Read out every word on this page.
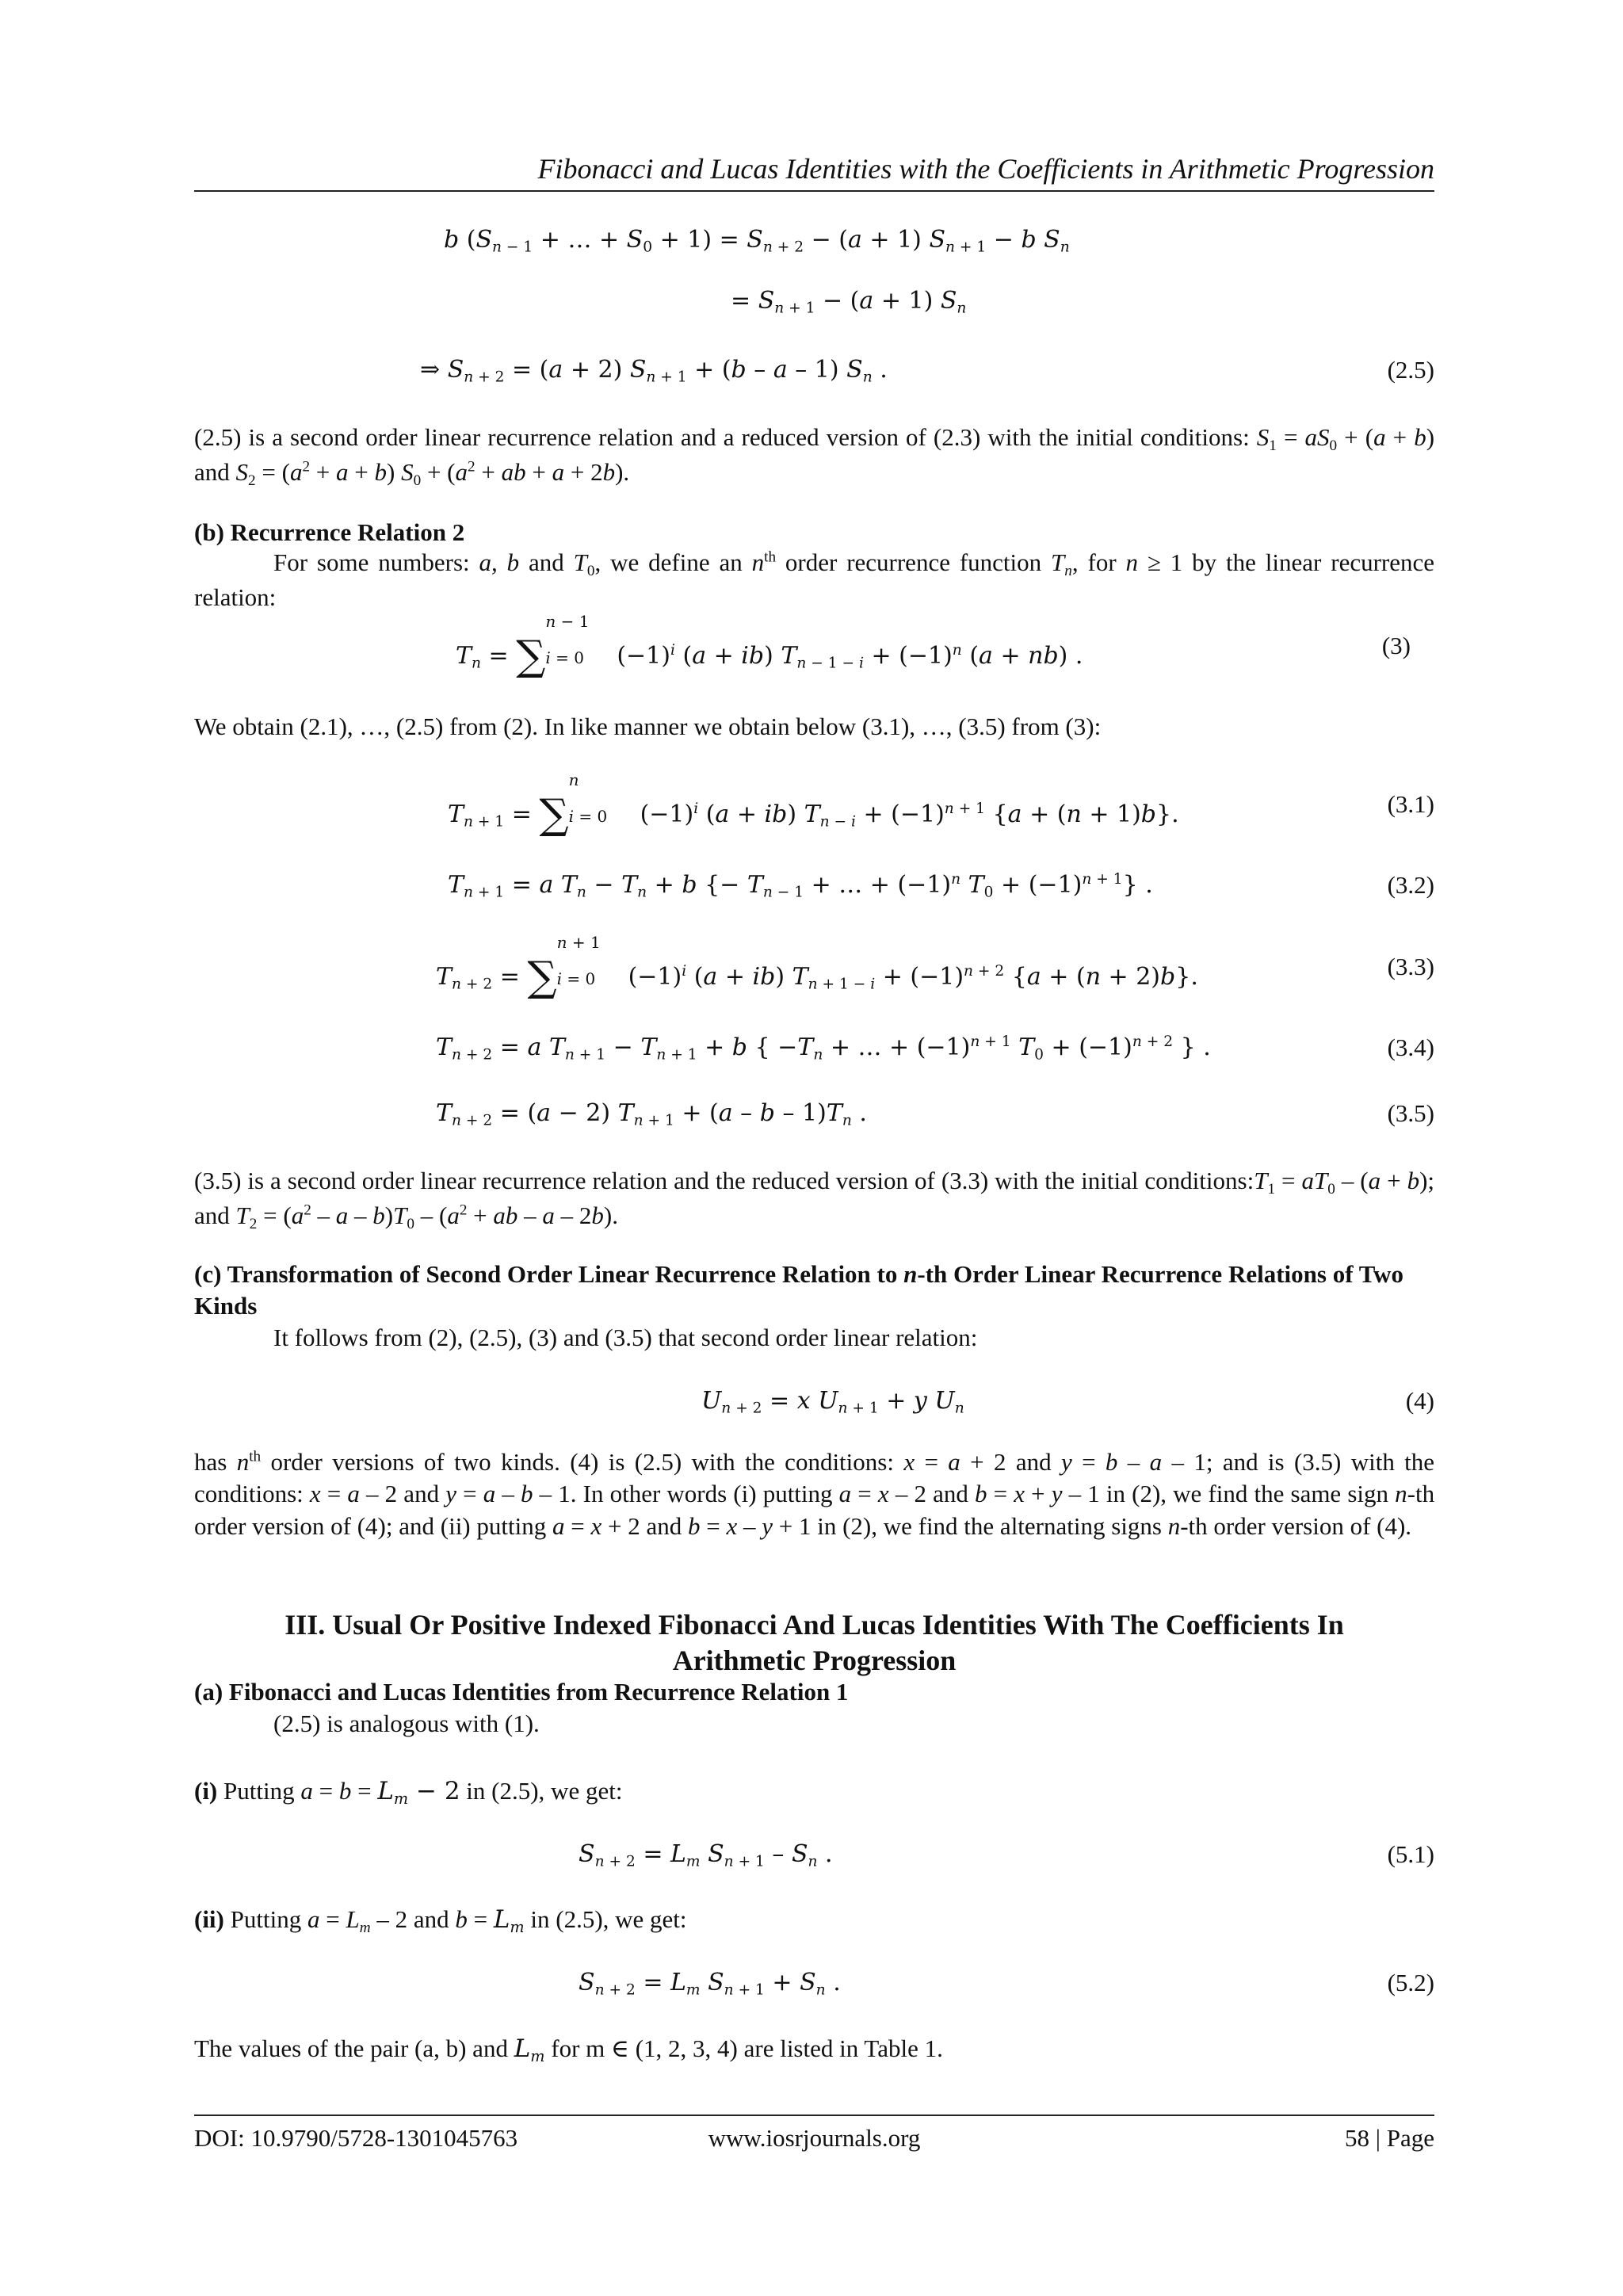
Fibonacci and Lucas Identities with the Coefficients in Arithmetic Progression
b ($S_{n - 1}$ + … + $S_0 + 1) = S_{n + 2} - (a + 1)$ $S_{n + 1} - b$ $S_n$
= $S_{n + 1} - (a + 1)$ $S_n$
⇒ $S_{n + 2} = (a + 2) S_{n + 1} + (b - a - 1)$ $S_n$ .	(2.5)
(2.5) is a second order linear recurrence relation and a reduced version of (2.3) with the initial conditions: $S_1 = aS_0 + (a + b)$ and $S_2 = (a^2 + a + b) S_0 + (a^2$ + ab + a + 2b).
(b) Recurrence Relation 2
For some numbers: a, b and $T_0$, we define an $n^{th}$ order recurrence function $T_n$, for n ≥ 1 by the linear recurrence relation:
$T_n$ = ∑
n − 1
i = 0 $(-1)^i$ (a + ib) $T_{n - 1 - i} + (-1)^n$ (a + nb) .	(3)
We obtain (2.1), …, (2.5) from (2). In like manner we obtain below (3.1), …, (3.5) from (3):
$T_{n + 1}$ = ∑
n
i = 0 $(-1)^i$ (a + ib) $T_{n - i} + (-1)^{n + 1}$ {a + (n + 1)b}.	(3.1)
$T_{n + 1} = a$ $T_n - T_n + b$ {− $T_{n - 1}$ + … + $(-1)^n$ $T_0 + (-1)^{n + 1}$} .	(3.2)
$T_{n + 2}$ = ∑
n + 1
i = 0 $(-1)^i$ (a + ib) $T_{n + 1 - i} + (-1)^{n + 2}$ {a + (n + 2)b}.	(3.3)
$T_{n + 2} = a$ $T_{n + 1} - T_{n + 1} + b$ { $-T_n$ + … + $(-1)^{n + 1}$ $T_0 + (-1)^{n + 2}$ } .	(3.4)
$T_{n + 2} = (a - 2) T_{n + 1} + (a - b - 1)T_n$ .	(3.5)
(3.5) is a second order linear recurrence relation and the reduced version of (3.3) with the initial $conditions:T_1 = aT_0 - (a + b)$; and $T_2 = (a^2 - a - b)T_0 - (a^2$ + ab – a – 2b).
(c) Transformation of Second Order Linear Recurrence Relation to n-th Order Linear Recurrence Relations of Two Kinds
It follows from (2), (2.5), (3) and (3.5) that second order linear relation:
$U_{n + 2} = x$ $U_{n + 1} + y$ $U_n$	(4)
has $n^{th}$ order versions of two kinds. (4) is (2.5) with the conditions: x = a + 2 and y = b – a – 1; and is (3.5) with the conditions: x = a – 2 and y = a – b – 1. In other words (i) putting a = x – 2 and b = x + y – 1 in (2), we find the same sign n-th order version of (4); and (ii) putting a = x + 2 and b = x – y + 1 in (2), we find the alternating signs n-th order version of (4).
III. Usual Or Positive Indexed Fibonacci And Lucas Identities With The Coefficients In
Arithmetic Progression
(a) Fibonacci and Lucas Identities from Recurrence Relation 1
(2.5) is analogous with (1).
(i) Putting $a = b = L_m - 2$ in (2.5), we get:
$S_{n + 2} = L_m$ $S_{n + 1} - S_n$ .	(5.1)
(ii) Putting $a = L_m - 2$ and $b = L_m$ in (2.5), we get:
$S_{n + 2} = L_m$ $S_{n + 1} + S_n$ .	(5.2)
The values of the pair (a, b) and $L_m$ for m ∈ (1, 2, 3, 4) are listed in Table 1.
DOI: 10.9790/5728-1301045763	www.iosrjournals.org	58 | Page
